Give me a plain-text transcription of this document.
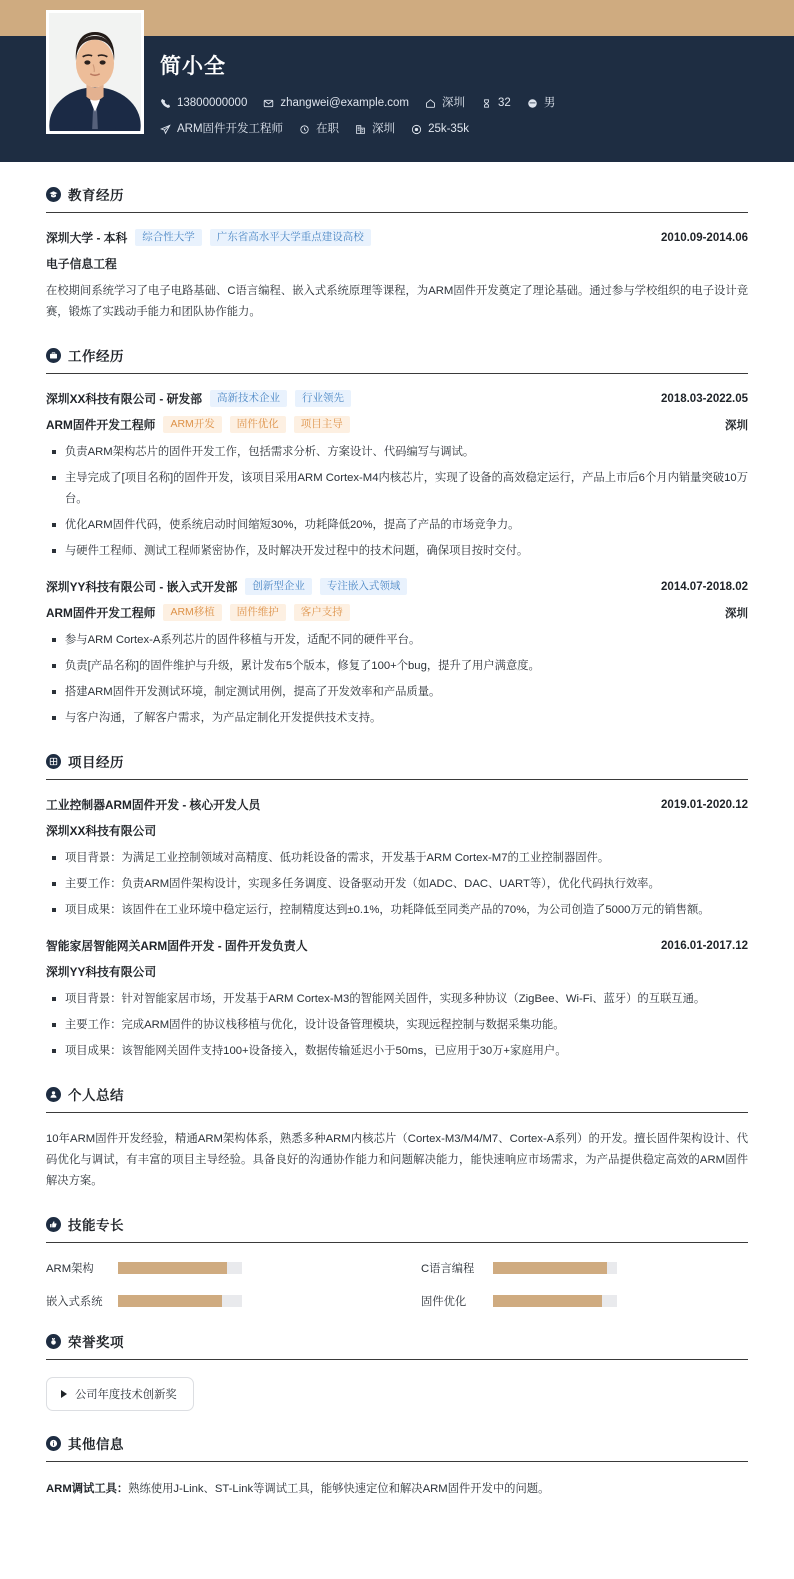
简小全
13800000000	zhangwei@example.com	深圳	32	男
ARM固件开发工程师	在职	深圳	25k-35k
教育经历
深圳大学 - 本科	综合性大学	广东省高水平大学重点建设高校	2010.09-2014.06
电子信息工程
在校期间系统学习了电子电路基础、C语言编程、嵌入式系统原理等课程，为ARM固件开发奠定了理论基础。通过参与学校组织的电子设计竞赛，锻炼了实践动手能力和团队协作能力。
工作经历
深圳XX科技有限公司 - 研发部	高新技术企业	行业领先	2018.03-2022.05
ARM固件开发工程师	ARM开发	固件优化	项目主导	深圳
负责ARM架构芯片的固件开发工作，包括需求分析、方案设计、代码编写与调试。
主导完成了[项目名称]的固件开发，该项目采用ARM Cortex-M4内核芯片，实现了设备的高效稳定运行，产品上市后6个月内销量突破10万台。
优化ARM固件代码，使系统启动时间缩短30%，功耗降低20%，提高了产品的市场竞争力。
与硬件工程师、测试工程师紧密协作，及时解决开发过程中的技术问题，确保项目按时交付。
深圳YY科技有限公司 - 嵌入式开发部	创新型企业	专注嵌入式领域	2014.07-2018.02
ARM固件开发工程师	ARM移植	固件维护	客户支持	深圳
参与ARM Cortex-A系列芯片的固件移植与开发，适配不同的硬件平台。
负责[产品名称]的固件维护与升级，累计发布5个版本，修复了100+个bug，提升了用户满意度。
搭建ARM固件开发测试环境，制定测试用例，提高了开发效率和产品质量。
与客户沟通，了解客户需求，为产品定制化开发提供技术支持。
项目经历
工业控制器ARM固件开发 - 核心开发人员	2019.01-2020.12
深圳XX科技有限公司
项目背景：为满足工业控制领域对高精度、低功耗设备的需求，开发基于ARM Cortex-M7的工业控制器固件。
主要工作：负责ARM固件架构设计，实现多任务调度、设备驱动开发（如ADC、DAC、UART等），优化代码执行效率。
项目成果：该固件在工业环境中稳定运行，控制精度达到±0.1%，功耗降低至同类产品的70%，为公司创造了5000万元的销售额。
智能家居智能网关ARM固件开发 - 固件开发负责人	2016.01-2017.12
深圳YY科技有限公司
项目背景：针对智能家居市场，开发基于ARM Cortex-M3的智能网关固件，实现多种协议（ZigBee、Wi-Fi、蓝牙）的互联互通。
主要工作：完成ARM固件的协议栈移植与优化，设计设备管理模块，实现远程控制与数据采集功能。
项目成果：该智能网关固件支持100+设备接入，数据传输延迟小于50ms，已应用于30万+家庭用户。
个人总结
10年ARM固件开发经验，精通ARM架构体系，熟悉多种ARM内核芯片（Cortex-M3/M4/M7、Cortex-A系列）的开发。擅长固件架构设计、代码优化与调试，有丰富的项目主导经验。具备良好的沟通协作能力和问题解决能力，能快速响应市场需求，为产品提供稳定高效的ARM固件解决方案。
技能专长
ARM架构	C语言编程
嵌入式系统	固件优化
荣誉奖项
公司年度技术创新奖
其他信息
ARM调试工具：熟练使用J-Link、ST-Link等调试工具，能够快速定位和解决ARM固件开发中的问题。
